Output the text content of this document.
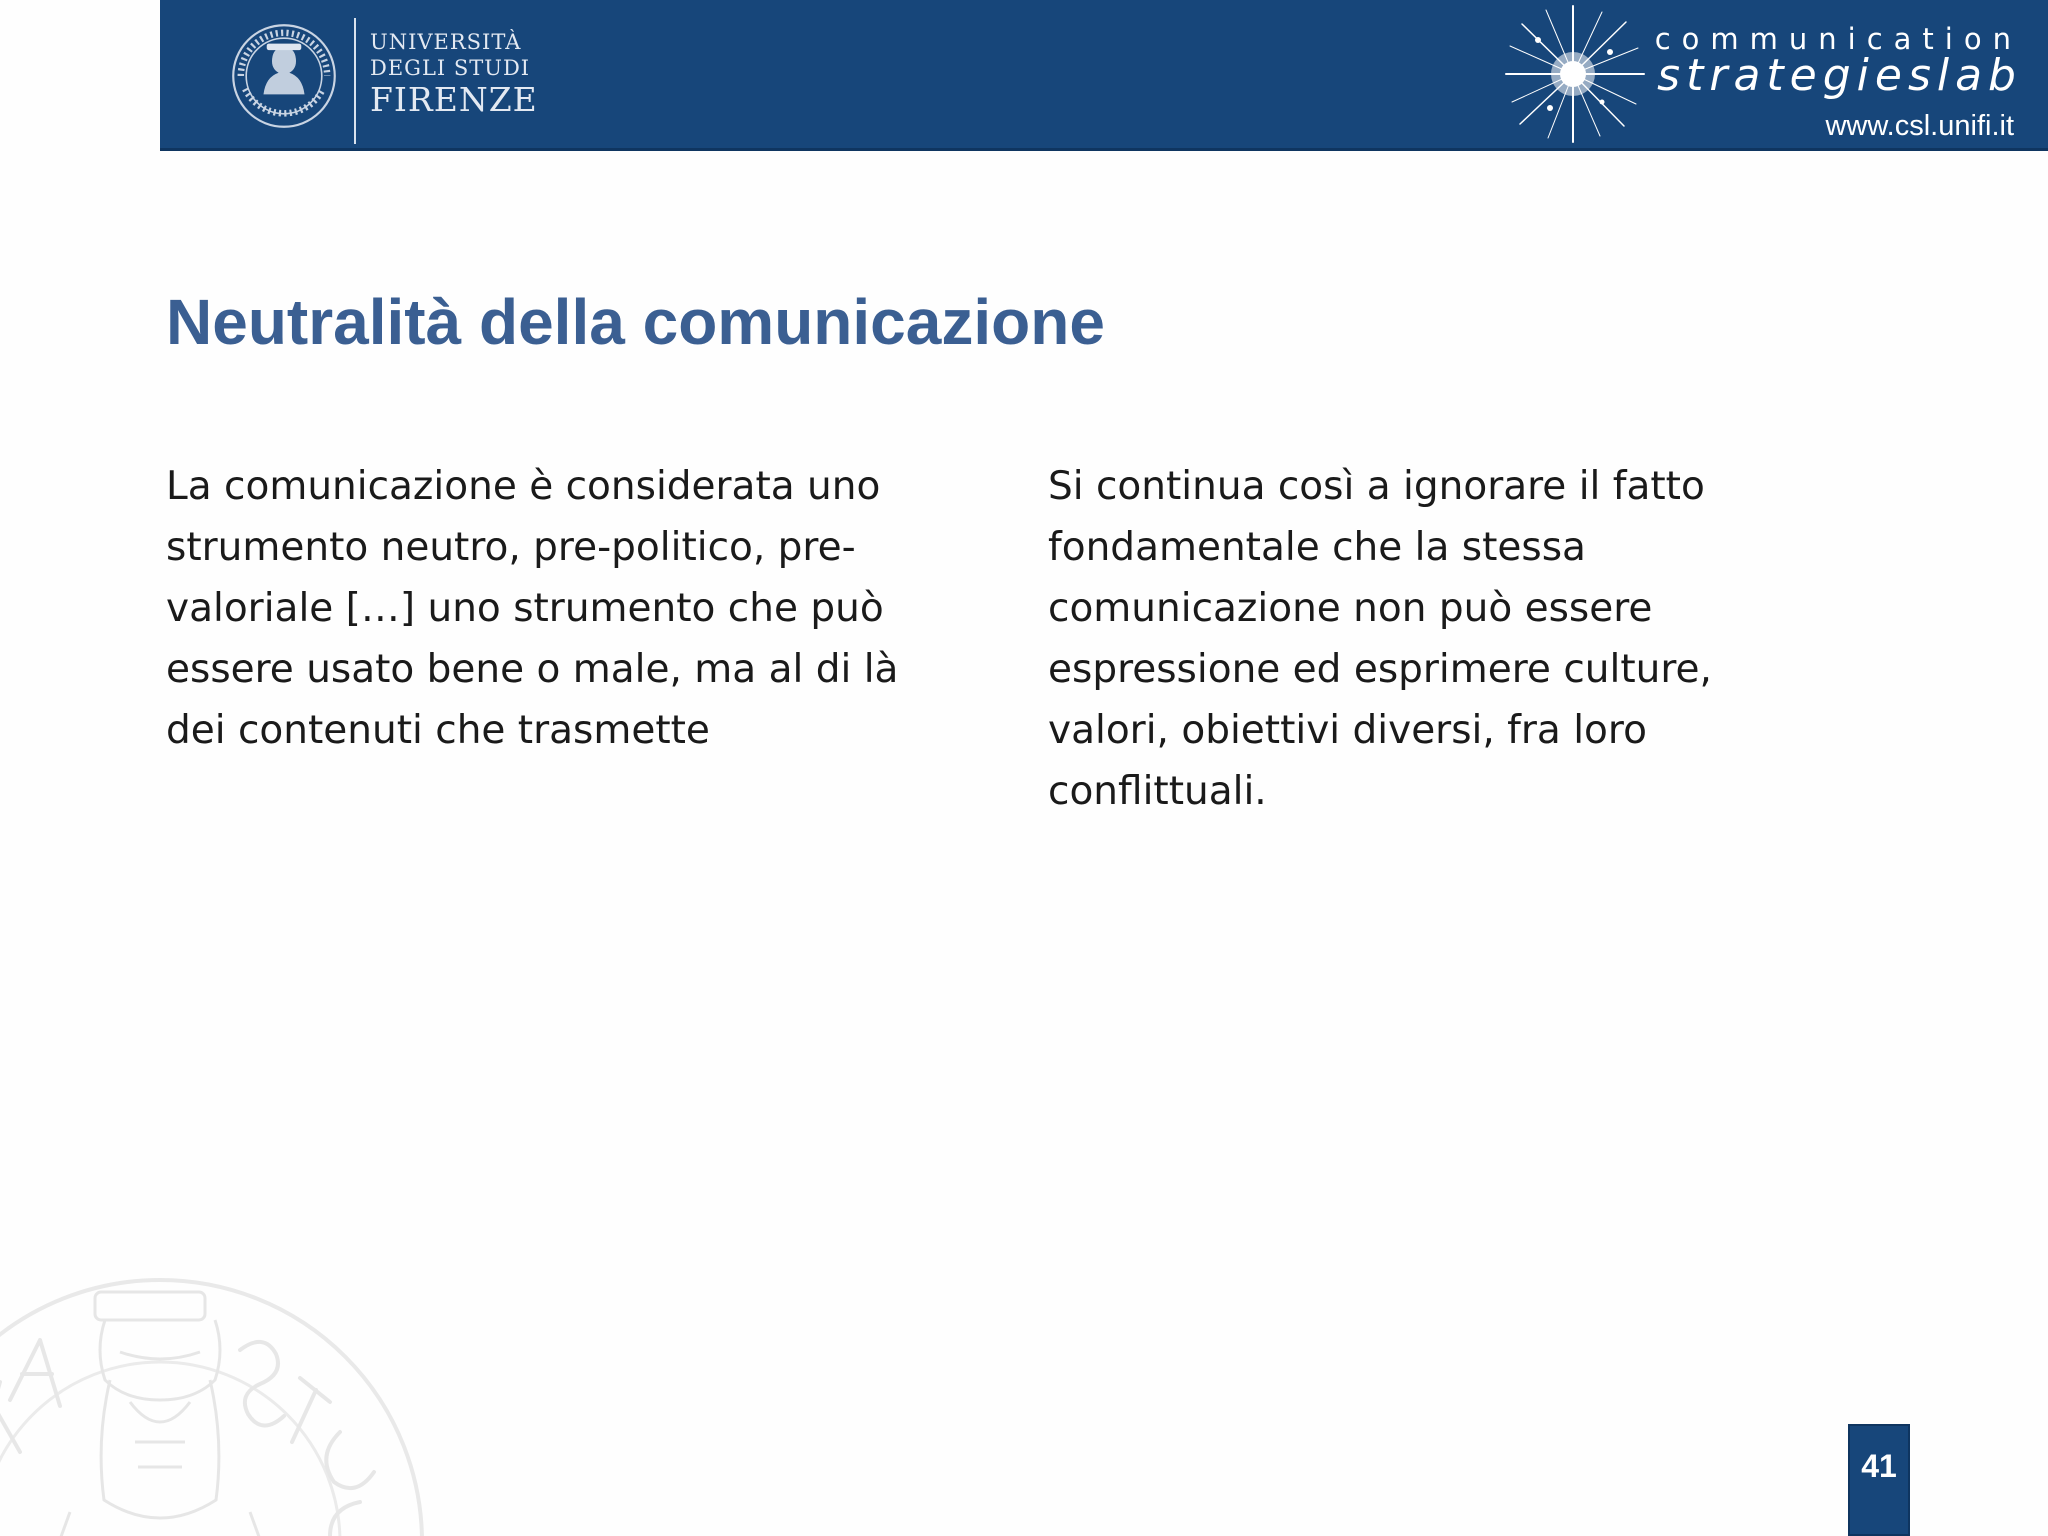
UNIVERSITÀ
DEGLI STUDI
FIRENZE
communication
strategieslab
www.csl.unifi.it
Neutralità della comunicazione

La comunicazione è considerata uno strumento neutro, pre-politico, pre-valoriale […] uno strumento che può essere usato bene o male, ma al di là dei contenuti che trasmette

Si continua così a ignorare il fatto fondamentale che la stessa comunicazione non può essere espressione ed esprimere culture, valori, obiettivi diversi, fra loro conflittuali.

41
